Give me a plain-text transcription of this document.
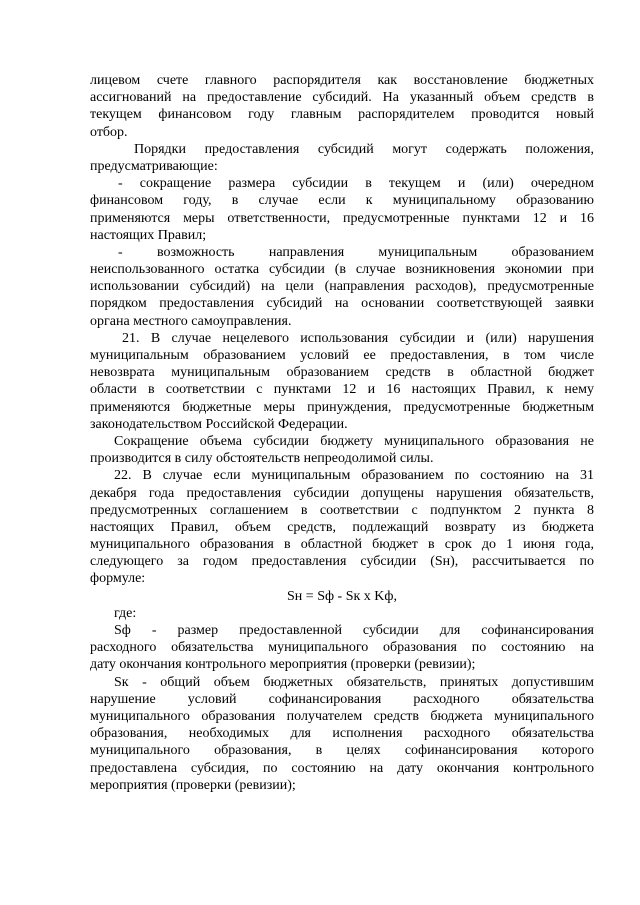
лицевом счете главного распорядителя как восстановление бюджетных
ассигнований на предоставление субсидий. На указанный объем средств в
текущем финансовом году главным распорядителем проводится новый
отбор.
Порядки предоставления субсидий могут содержать положения,
предусматривающие:
- сокращение размера субсидии в текущем и (или) очередном
финансовом году, в случае если к муниципальному образованию
применяются меры ответственности, предусмотренные пунктами 12 и 16
настоящих Правил;
- возможность направления муниципальным образованием
неиспользованного остатка субсидии (в случае возникновения экономии при
использовании субсидий) на цели (направления расходов), предусмотренные
порядком предоставления субсидий на основании соответствующей заявки
органа местного самоуправления.
21. В случае нецелевого использования субсидии и (или) нарушения
муниципальным образованием условий ее предоставления, в том числе
невозврата муниципальным образованием средств в областной бюджет
области в соответствии с пунктами 12 и 16 настоящих Правил, к нему
применяются бюджетные меры принуждения, предусмотренные бюджетным
законодательством Российской Федерации.
Сокращение объема субсидии бюджету муниципального образования не
производится в силу обстоятельств непреодолимой силы.
22. В случае если муниципальным образованием по состоянию на 31
декабря года предоставления субсидии допущены нарушения обязательств,
предусмотренных соглашением в соответствии с подпунктом 2 пункта 8
настоящих Правил, объем средств, подлежащий возврату из бюджета
муниципального образования в областной бюджет в срок до 1 июня года,
следующего за годом предоставления субсидии (Sн), рассчитывается по
формуле:
Sн = Sф - Sк x Kф,
где:
Sф - размер предоставленной субсидии для софинансирования
расходного обязательства муниципального образования по состоянию на
дату окончания контрольного мероприятия (проверки (ревизии);
Sк - общий объем бюджетных обязательств, принятых допустившим
нарушение условий софинансирования расходного обязательства
муниципального образования получателем средств бюджета муниципального
образования, необходимых для исполнения расходного обязательства
муниципального образования, в целях софинансирования которого
предоставлена субсидия, по состоянию на дату окончания контрольного
мероприятия (проверки (ревизии);
